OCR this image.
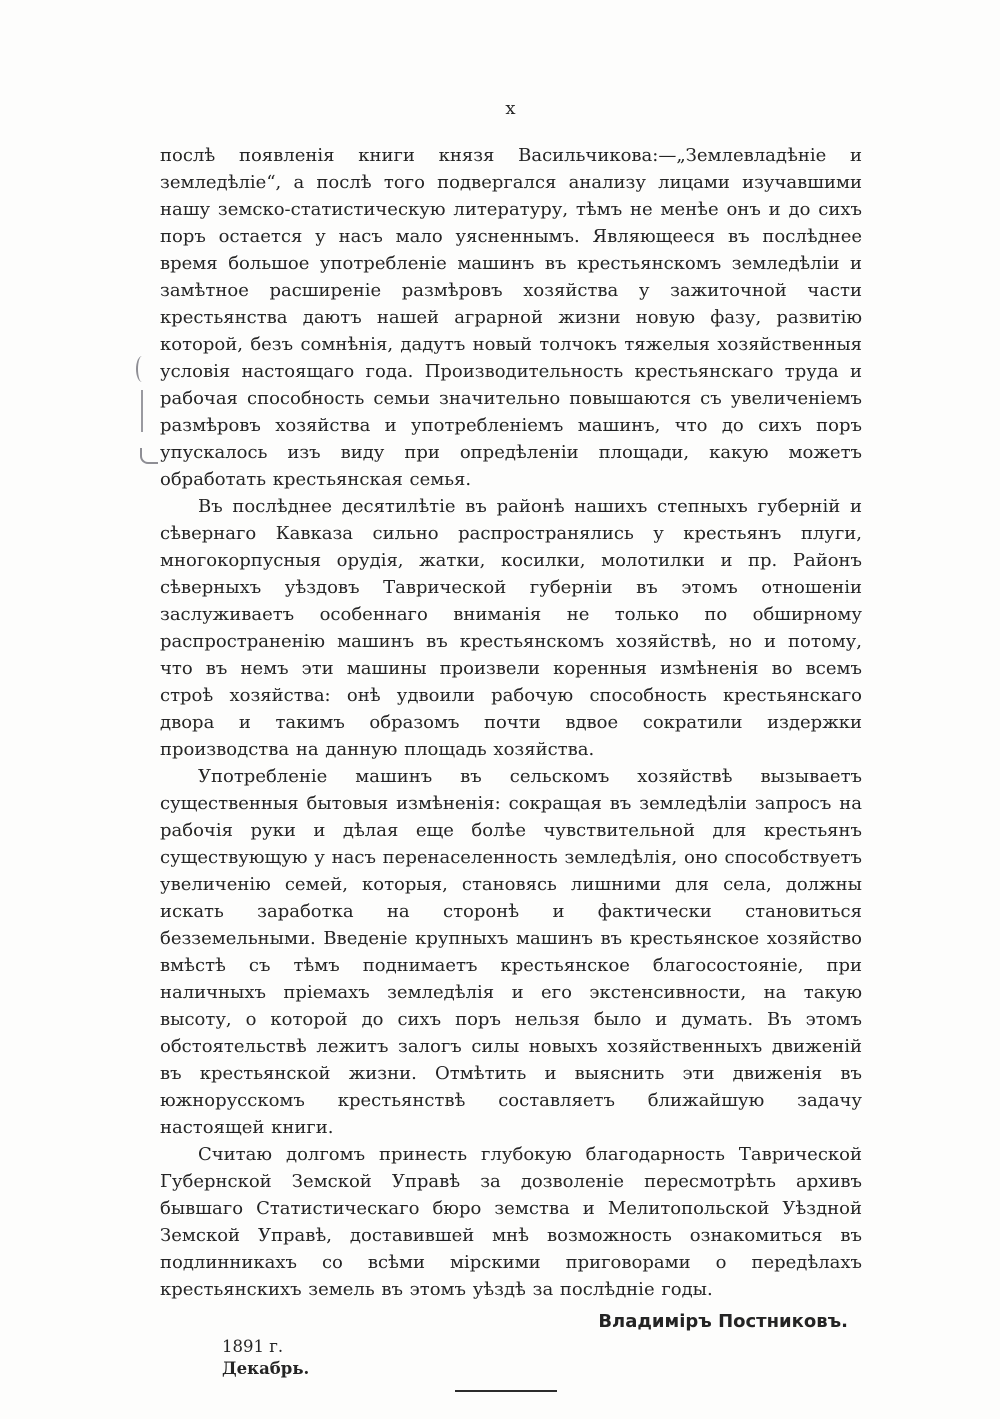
x

послѣ появленія книги князя Васильчикова:—„Землевладѣніе и земледѣліе“, а послѣ того подвергался анализу лицами изучавшими нашу земско-статистическую литературу, тѣмъ не менѣе онъ и до сихъ поръ остается у насъ мало уясненнымъ. Являющееся въ послѣднее время большое употребленіе машинъ въ крестьянскомъ земледѣліи и замѣтное расширеніе размѣровъ хозяйства у зажиточной части крестьянства даютъ нашей аграрной жизни новую фазу, развитію которой, безъ сомнѣнія, дадутъ новый толчокъ тяжелыя хозяйственныя условія настоящаго года. Производительность крестьянскаго труда и рабочая способность семьи значительно повышаются съ увеличеніемъ размѣровъ хозяйства и употребленіемъ машинъ, что до сихъ поръ упускалось изъ виду при опредѣленіи площади, какую можетъ обработать крестьянская семья.

Въ послѣднее десятилѣтіе въ районѣ нашихъ степныхъ губерній и сѣвернаго Кавказа сильно распространялись у крестьянъ плуги, многокорпусныя орудія, жатки, косилки, молотилки и пр. Районъ сѣверныхъ уѣздовъ Таврической губерніи въ этомъ отношеніи заслуживаетъ особеннаго вниманія не только по обширному распространенію машинъ въ крестьянскомъ хозяйствѣ, но и потому, что въ немъ эти машины произвели коренныя измѣненія во всемъ строѣ хозяйства: онѣ удвоили рабочую способность крестьянскаго двора и такимъ образомъ почти вдвое сократили издержки производства на данную площадь хозяйства.

Употребленіе машинъ въ сельскомъ хозяйствѣ вызываетъ существенныя бытовыя измѣненія: сокращая въ земледѣліи запросъ на рабочія руки и дѣлая еще болѣе чувствительной для крестьянъ существующую у насъ перенаселенность земледѣлія, оно способствуетъ увеличенію семей, которыя, становясь лишними для села, должны искать заработка на сторонѣ и фактически становиться безземельными. Введеніе крупныхъ машинъ въ крестьянское хозяйство вмѣстѣ съ тѣмъ поднимаетъ крестьянское благосостояніе, при наличныхъ пріемахъ земледѣлія и его экстенсивности, на такую высоту, о которой до сихъ поръ нельзя было и думать. Въ этомъ обстоятельствѣ лежитъ залогъ силы новыхъ хозяйственныхъ движеній въ крестьянской жизни. Отмѣтить и выяснить эти движенія въ южнорусскомъ крестьянствѣ составляетъ ближайшую задачу настоящей книги.

Считаю долгомъ принесть глубокую благодарность Таврической Губернской Земской Управѣ за дозволеніе пересмотрѣть архивъ бывшаго Статистическаго бюро земства и Мелитопольской Уѣздной Земской Управѣ, доставившей мнѣ возможность ознакомиться въ подлинникахъ со всѣми мірскими приговорами о передѣлахъ крестьянскихъ земель въ этомъ уѣздѣ за послѣдніе годы.

Владиміръ Постниковъ.
1891 г.
Декабрь.
